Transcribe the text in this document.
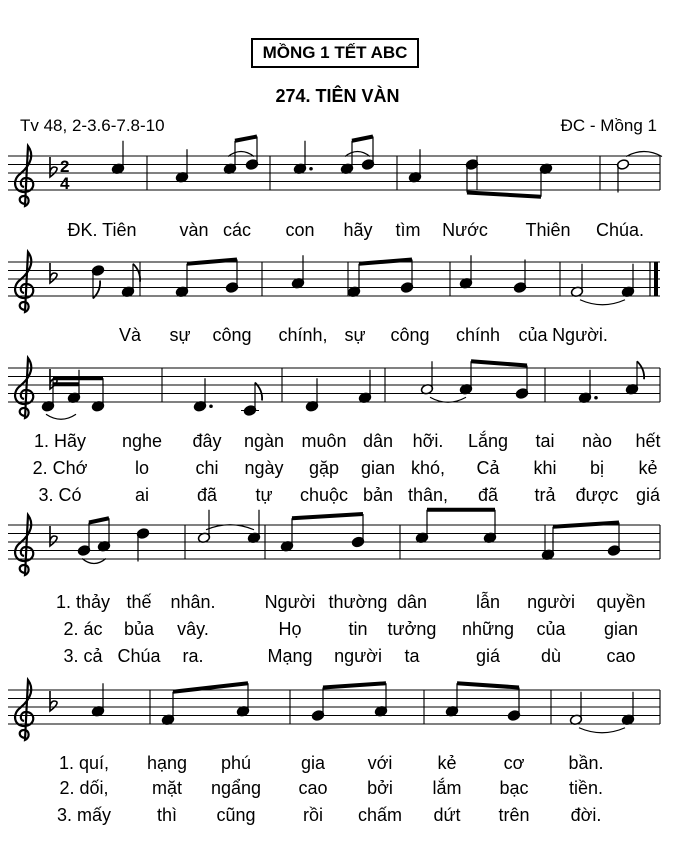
MỒNG 1 TẾT ABC
274. TIÊN VÀN
Tv 48, 2-3.6-7.8-10	ĐC - Mồng 1
2
4
ĐK. Tiên vàn các con hãy tìm Nước Thiên Chúa.
Và sự công chính, sự công chính của Người.
1. Hãy nghe đây ngàn muôn dân hỡi. Lắng tai nào hết
2. Chớ	lo	chi ngày gặp gian khó, Cả khi bị kẻ
3. Có	ai	đã tự chuộc bản thân, đã trả được giá
1. thảy thế nhân.	Người thường dân	lẫn người quyền
2. ác bủa vây.	Họ	tin tưởng những của gian
3. cả Chúa ra.	Mạng người ta	giá dù	cao
1. quí, hạng phú	gia với	kẻ	cơ bần.
2. dối, mặt ngẩng cao bởi lắm bạc tiền.
3. mấy	thì cũng	rồi chấm dứt trên đời.
